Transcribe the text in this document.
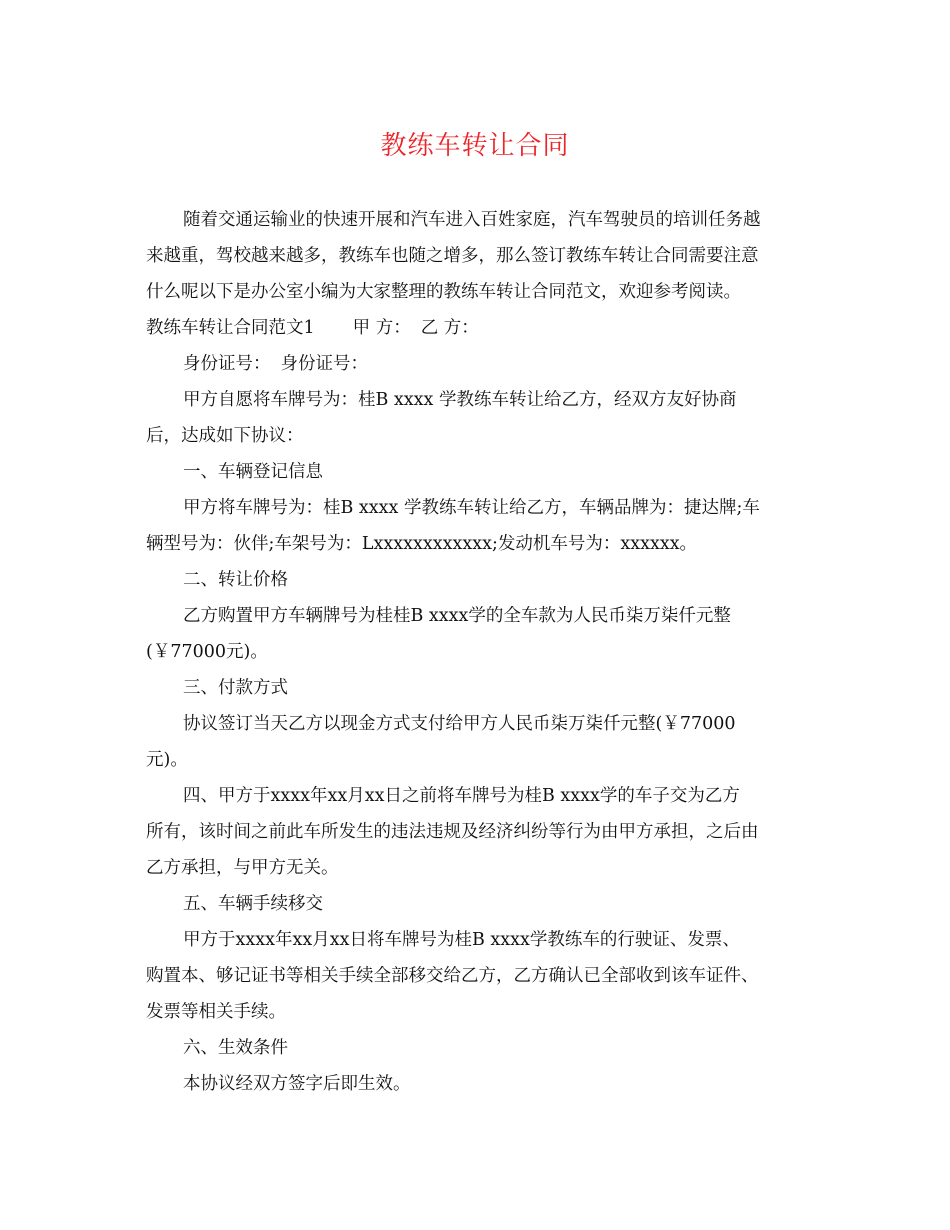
教练车转让合同

随着交通运输业的快速开展和汽车进入百姓家庭，汽车驾驶员的培训任务越

来越重，驾校越来越多，教练车也随之增多，那么签订教练车转让合同需要注意

什么呢以下是办公室小编为大家整理的教练车转让合同范文，欢迎参考阅读。

教练车转让合同范文1 甲 方： 乙 方：

身份证号： 身份证号：

甲方自愿将车牌号为：桂B xxxx 学教练车转让给乙方，经双方友好协商

后，达成如下协议：

一、车辆登记信息

甲方将车牌号为：桂B xxxx 学教练车转让给乙方，车辆品牌为：捷达牌;车

辆型号为：伙伴;车架号为：Lxxxxxxxxxxxx;发动机车号为：xxxxxx。

二、转让价格

乙方购置甲方车辆牌号为桂桂B xxxx学的全车款为人民币柒万柒仟元整

(￥77000元)。

三、付款方式

协议签订当天乙方以现金方式支付给甲方人民币柒万柒仟元整(￥77000

元)。

四、甲方于xxxx年xx月xx日之前将车牌号为桂B xxxx学的车子交为乙方

所有，该时间之前此车所发生的违法违规及经济纠纷等行为由甲方承担，之后由

乙方承担，与甲方无关。

五、车辆手续移交

甲方于xxxx年xx月xx日将车牌号为桂B xxxx学教练车的行驶证、发票、

购置本、够记证书等相关手续全部移交给乙方，乙方确认已全部收到该车证件、

发票等相关手续。

六、生效条件

本协议经双方签字后即生效。
